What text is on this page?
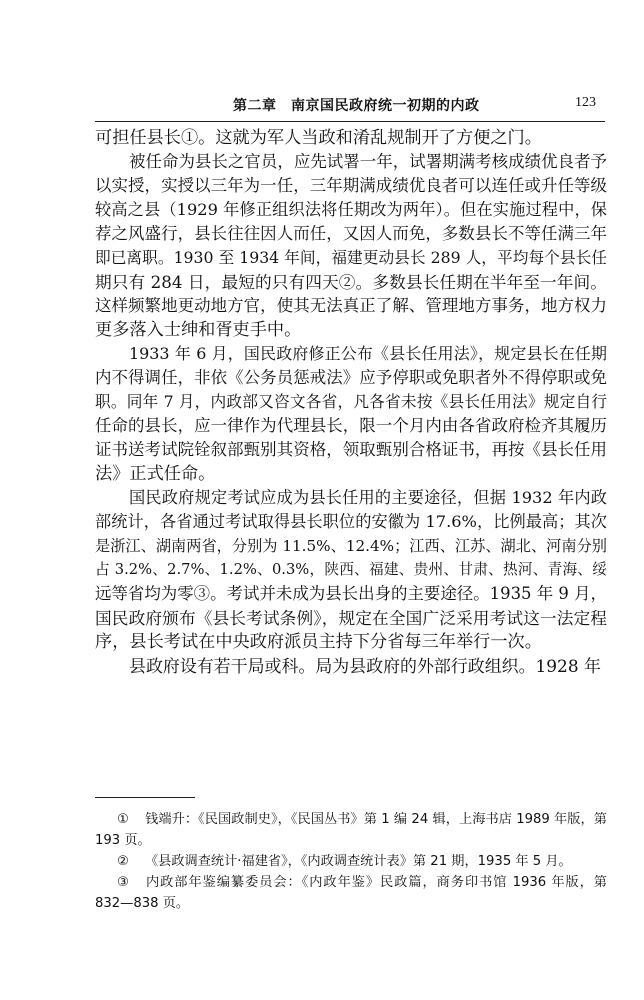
第二章　南京国民政府统一初期的内政	123
可担任县长①。这就为军人当政和淆乱规制开了方便之门。
被任命为县长之官员，应先试署一年，试署期满考核成绩优良者予
以实授，实授以三年为一任，三年期满成绩优良者可以连任或升任等级
较高之县（1929 年修正组织法将任期改为两年）。但在实施过程中，保
荐之风盛行，县长往往因人而任，又因人而免，多数县长不等任满三年
即已离职。1930 至 1934 年间，福建更动县长 289 人，平均每个县长任
期只有 284 日，最短的只有四天②。多数县长任期在半年至一年间。
这样频繁地更动地方官，使其无法真正了解、管理地方事务，地方权力
更多落入士绅和胥吏手中。
1933 年 6 月，国民政府修正公布《县长任用法》，规定县长在任期
内不得调任，非依《公务员惩戒法》应予停职或免职者外不得停职或免
职。同年 7 月，内政部又咨文各省，凡各省未按《县长任用法》规定自行
任命的县长，应一律作为代理县长，限一个月内由各省政府检齐其履历
证书送考试院铨叙部甄别其资格，领取甄别合格证书，再按《县长任用
法》正式任命。
国民政府规定考试应成为县长任用的主要途径，但据 1932 年内政
部统计，各省通过考试取得县长职位的安徽为 17.6%，比例最高；其次
是浙江、湖南两省，分别为 11.5%、12.4%；江西、江苏、湖北、河南分别
占 3.2%、2.7%、1.2%、0.3%，陕西、福建、贵州、甘肃、热河、青海、绥
远等省均为零③。考试并未成为县长出身的主要途径。1935 年 9 月，
国民政府颁布《县长考试条例》，规定在全国广泛采用考试这一法定程
序，县长考试在中央政府派员主持下分省每三年举行一次。
县政府设有若干局或科。局为县政府的外部行政组织。1928 年
① 钱端升：《民国政制史》，《民国丛书》第 1 编 24 辑，上海书店 1989 年版，第
193 页。
② 《县政调查统计·福建省》，《内政调查统计表》第 21 期，1935 年 5 月。
③ 内政部年鉴编纂委员会：《内政年鉴》民政篇，商务印书馆 1936 年版，第
832—838 页。
